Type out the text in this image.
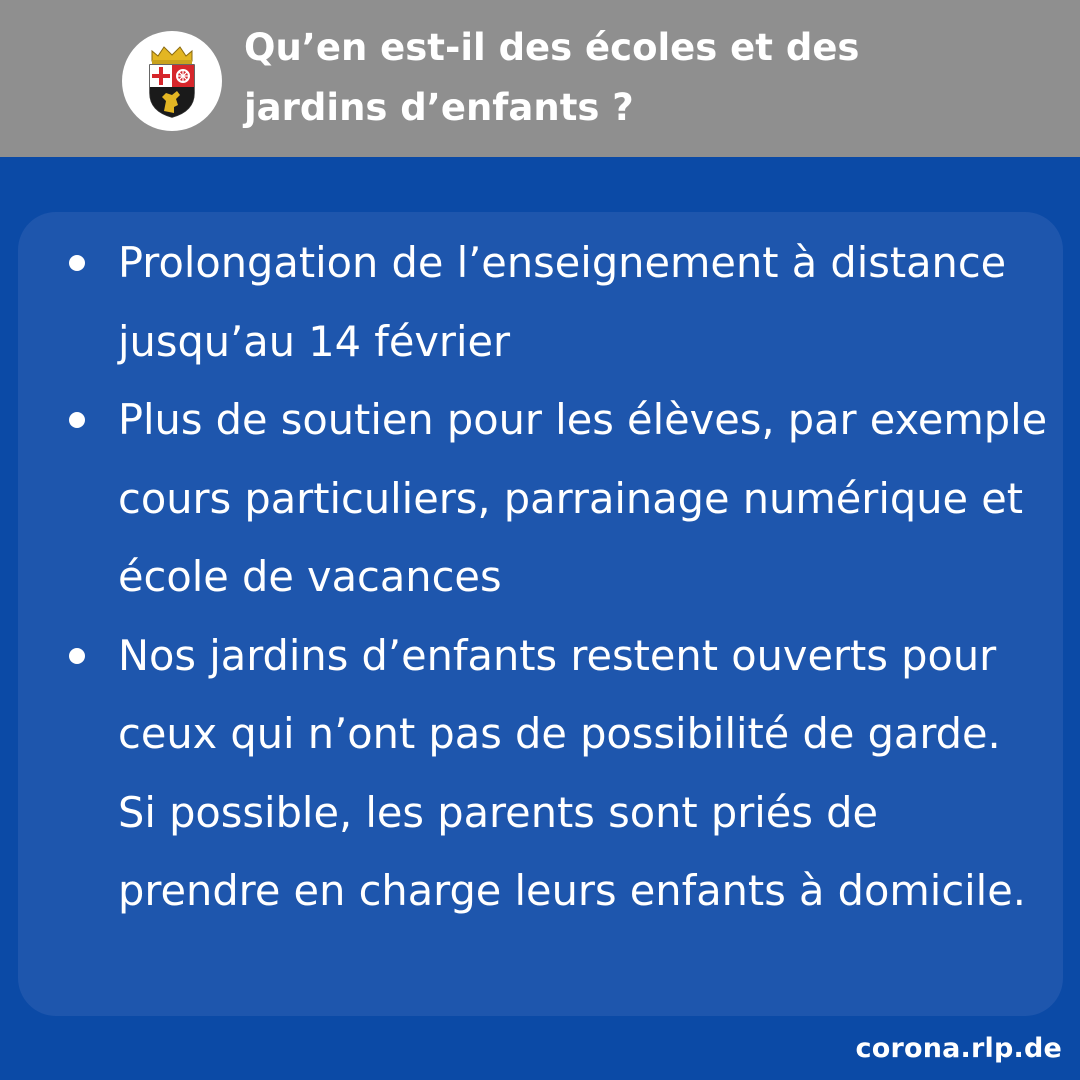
Qu’en est-il des écoles et des
jardins d’enfants ?
Prolongation de l’enseignement à distance jusqu’au 14 février
Plus de soutien pour les élèves, par exemple cours particuliers, parrainage numérique et école de vacances
Nos jardins d’enfants restent ouverts pour ceux qui n’ont pas de possibilité de garde. Si possible, les parents sont priés de prendre en charge leurs enfants à domicile.
corona.rlp.de
